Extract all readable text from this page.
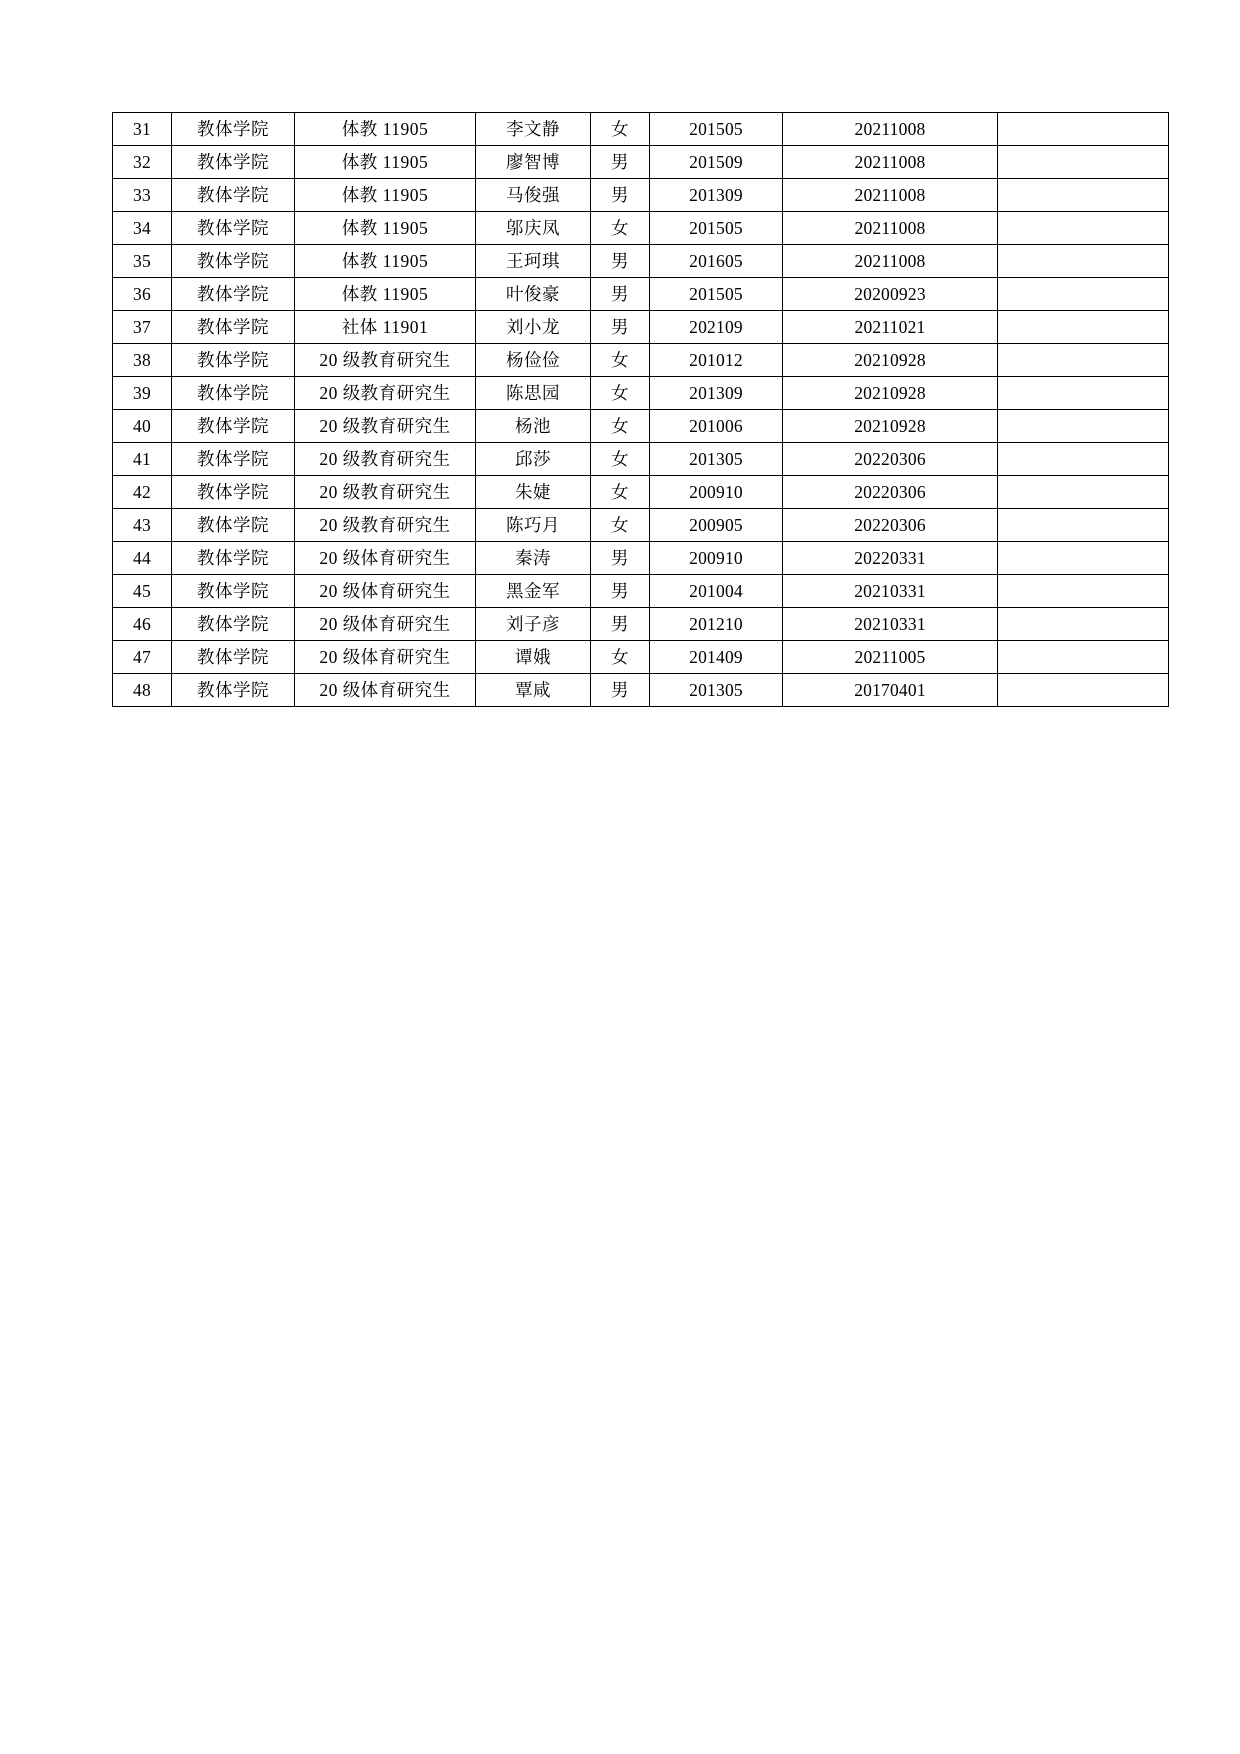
31	教体学院	体教 11905	李文静	女	201505	20211008	
32	教体学院	体教 11905	廖智博	男	201509	20211008	
33	教体学院	体教 11905	马俊强	男	201309	20211008	
34	教体学院	体教 11905	邬庆凤	女	201505	20211008	
35	教体学院	体教 11905	王珂琪	男	201605	20211008	
36	教体学院	体教 11905	叶俊豪	男	201505	20200923	
37	教体学院	社体 11901	刘小龙	男	202109	20211021	
38	教体学院	20 级教育研究生	杨俭俭	女	201012	20210928	
39	教体学院	20 级教育研究生	陈思园	女	201309	20210928	
40	教体学院	20 级教育研究生	杨池	女	201006	20210928	
41	教体学院	20 级教育研究生	邱莎	女	201305	20220306	
42	教体学院	20 级教育研究生	朱婕	女	200910	20220306	
43	教体学院	20 级教育研究生	陈巧月	女	200905	20220306	
44	教体学院	20 级体育研究生	秦涛	男	200910	20220331	
45	教体学院	20 级体育研究生	黑金军	男	201004	20210331	
46	教体学院	20 级体育研究生	刘子彦	男	201210	20210331	
47	教体学院	20 级体育研究生	谭娥	女	201409	20211005	
48	教体学院	20 级体育研究生	覃咸	男	201305	20170401	
